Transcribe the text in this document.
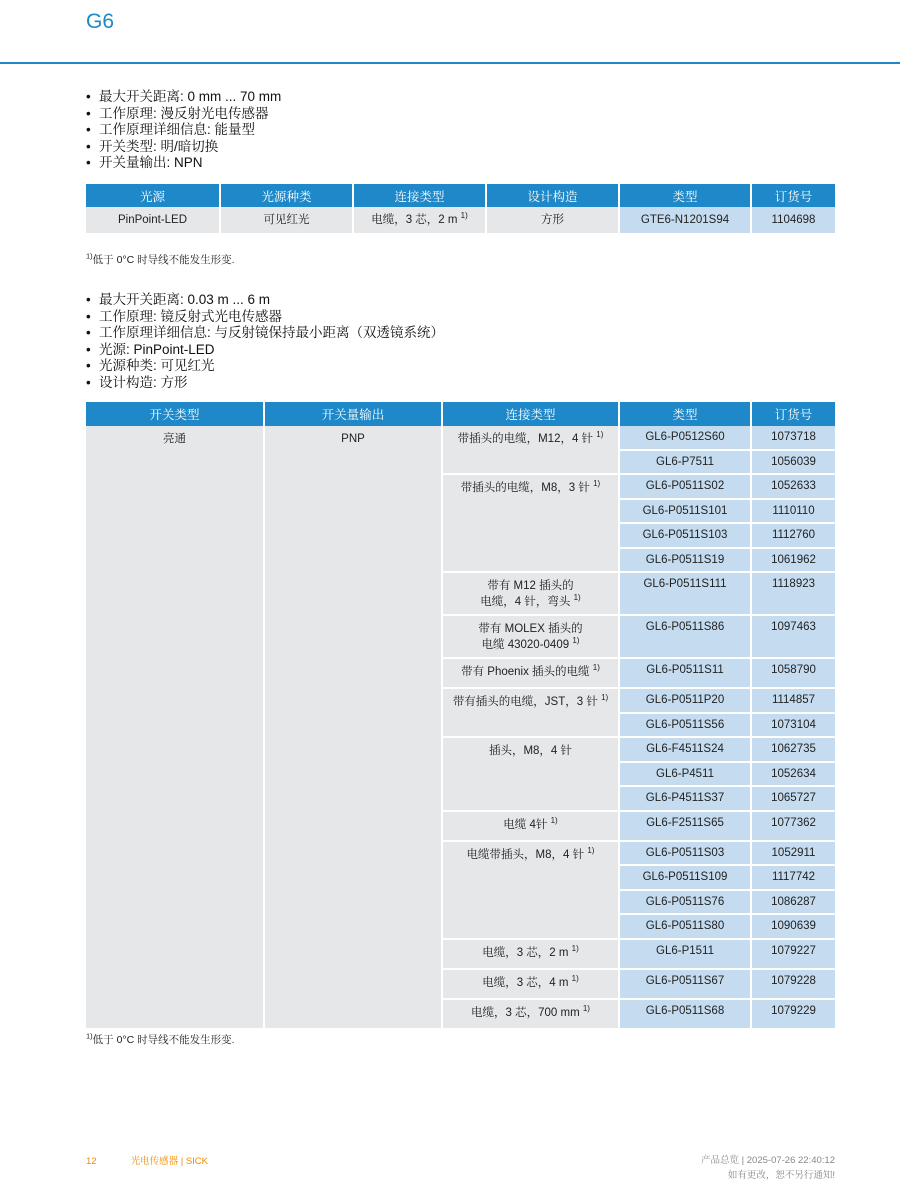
G6
• 最大开关距离: 0 mm ... 70 mm
• 工作原理: 漫反射光电传感器
• 工作原理详细信息: 能量型
• 开关类型: 明/暗切换
• 开关量输出: NPN
光源	光源种类	连接类型	设计构造	类型	订货号
PinPoint-LED	可见红光	电缆，3 芯，2 m $^{1)}$	方形	GTE6-N1201S94	1104698
$^{1)}$低于 0°C 时导线不能发生形变.
• 最大开关距离: 0.03 m ... 6 m
• 工作原理: 镜反射式光电传感器
• 工作原理详细信息: 与反射镜保持最小距离（双透镜系统）
• 光源: PinPoint-LED
• 光源种类: 可见红光
• 设计构造: 方形
开关类型	开关量输出	连接类型	类型	订货号
亮通	PNP	带插头的电缆，M12，4 针 $^{1)}$	GL6-P0512S60	1073718
			GL6-P7511	1056039
		带插头的电缆，M8，3 针 $^{1)}$	GL6-P0511S02	1052633
			GL6-P0511S101	1110110
			GL6-P0511S103	1112760
			GL6-P0511S19	1061962
		带有 M12 插头的
电缆，4 针，弯头 $^{1)}$	GL6-P0511S111	1118923
		带有 MOLEX 插头的
电缆 43020-0409 $^{1)}$	GL6-P0511S86	1097463
		带有 Phoenix 插头的电缆 $^{1)}$	GL6-P0511S11	1058790
		带有插头的电缆，JST，3 针 $^{1)}$	GL6-P0511P20	1114857
			GL6-P0511S56	1073104
		插头，M8，4 针	GL6-F4511S24	1062735
			GL6-P4511	1052634
			GL6-P4511S37	1065727
		电缆 4针 $^{1)}$	GL6-F2511S65	1077362
		电缆带插头，M8，4 针 $^{1)}$	GL6-P0511S03	1052911
			GL6-P0511S109	1117742
			GL6-P0511S76	1086287
			GL6-P0511S80	1090639
		电缆，3 芯，2 m $^{1)}$	GL6-P1511	1079227
		电缆，3 芯，4 m $^{1)}$	GL6-P0511S67	1079228
		电缆，3 芯，700 mm $^{1)}$	GL6-P0511S68	1079229
$^{1)}$低于 0°C 时导线不能发生形变.
12	光电传感器 | SICK	产品总览 | 2025-07-26 22:40:12
如有更改，恕不另行通知!
